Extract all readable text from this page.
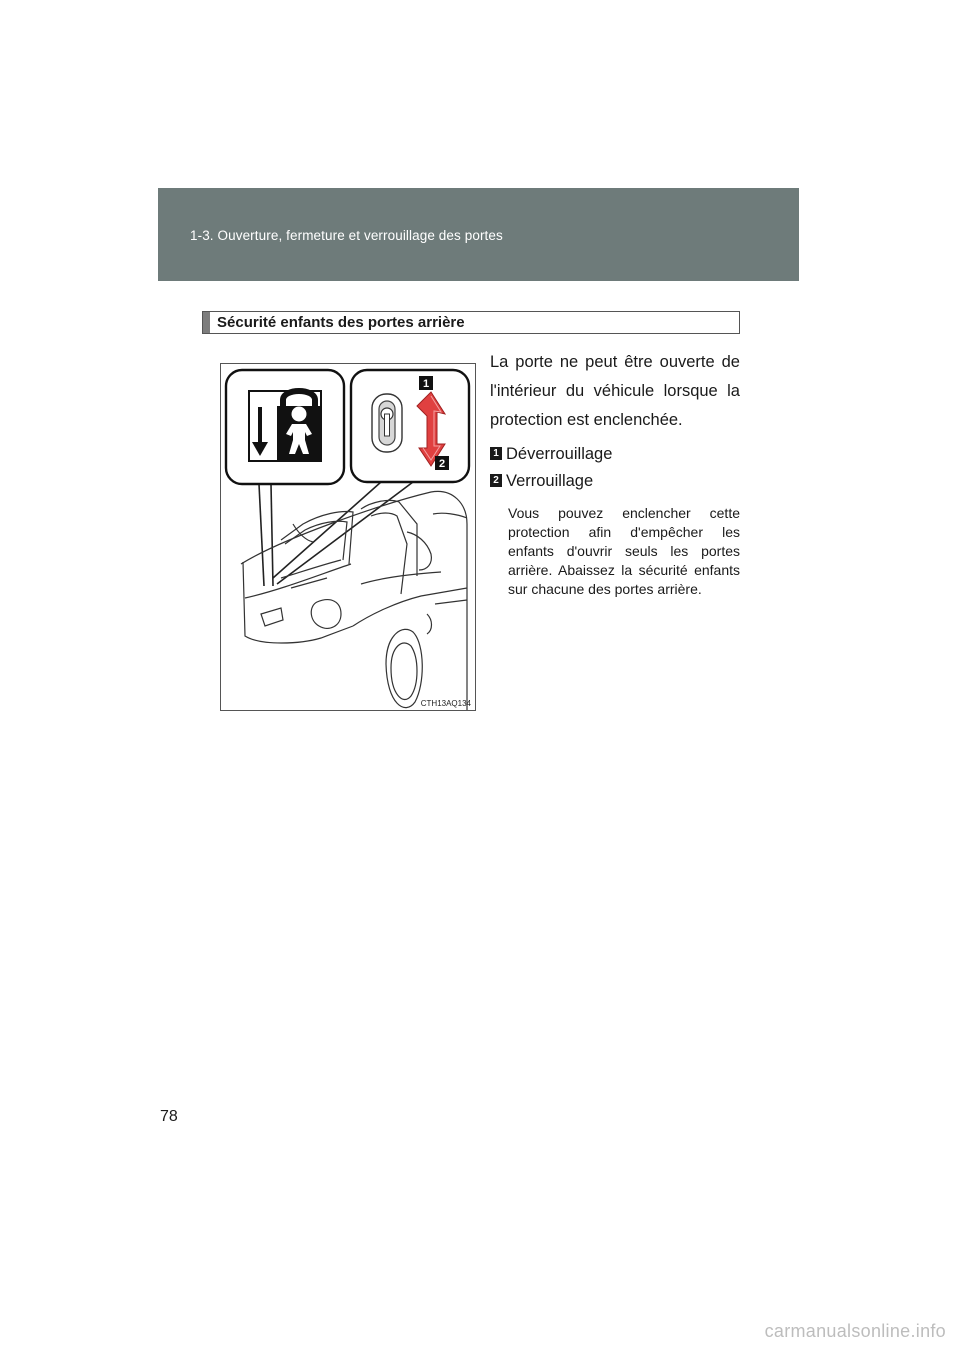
1-3. Ouverture, fermeture et verrouillage des portes
Sécurité enfants des portes arrière
1
2
CTH13AQ134

La porte ne peut être ouverte de l'intérieur du véhicule lorsque la protection est enclenchée.

1 Déverrouillage
2 Verrouillage

Vous pouvez enclencher cette protection afin d'empêcher les enfants d'ouvrir seuls les portes arrière. Abaissez la sécurité enfants sur chacune des portes arrière.

78
carmanualsonline.info
